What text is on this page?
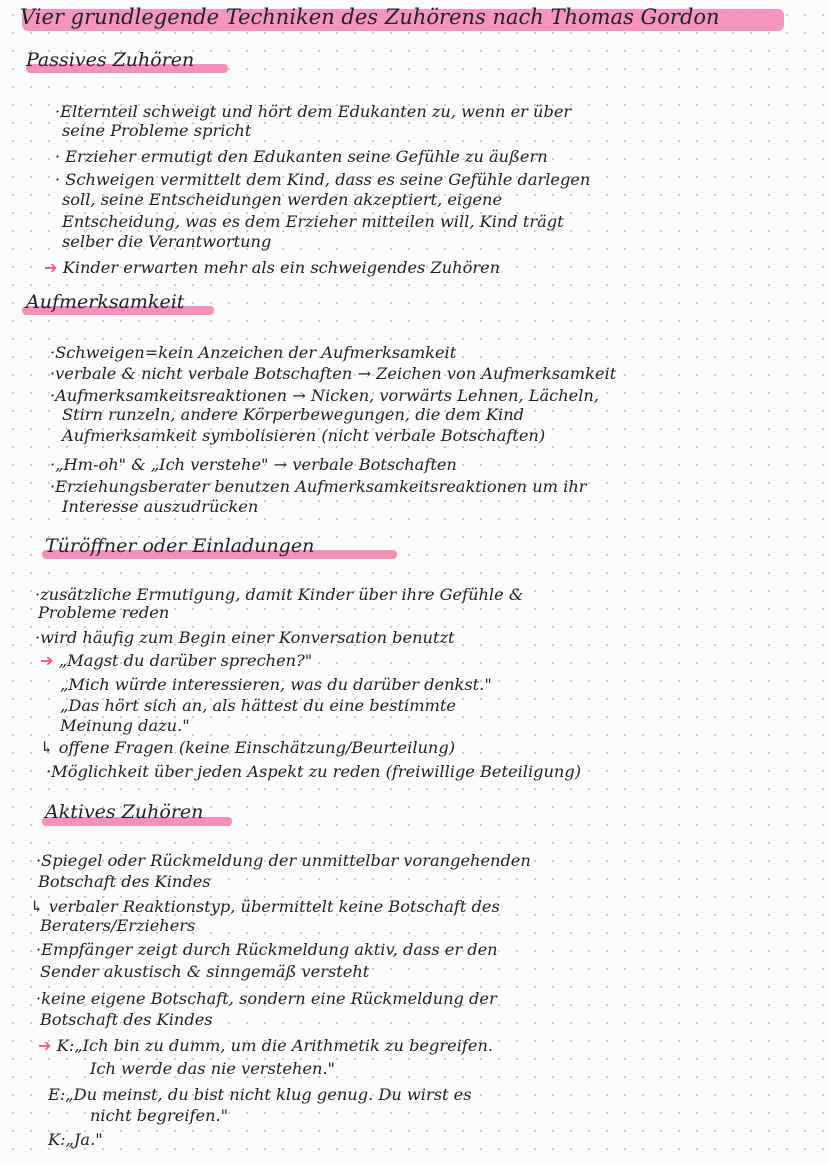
Vier grundlegende Techniken des Zuhörens nach Thomas Gordon
Passives Zuhören
·Elternteil schweigt und hört dem Edukanten zu, wenn er über
seine Probleme spricht
· Erzieher ermutigt den Edukanten seine Gefühle zu äußern
· Schweigen vermittelt dem Kind, dass es seine Gefühle darlegen
soll, seine Entscheidungen werden akzeptiert, eigene
Entscheidung, was es dem Erzieher mitteilen will, Kind trägt
selber die Verantwortung
➔ Kinder erwarten mehr als ein schweigendes Zuhören
Aufmerksamkeit
·Schweigen=kein Anzeichen der Aufmerksamkeit
·verbale & nicht verbale Botschaften → Zeichen von Aufmerksamkeit
·Aufmerksamkeitsreaktionen → Nicken, vorwärts Lehnen, Lächeln,
Stirn runzeln, andere Körperbewegungen, die dem Kind
Aufmerksamkeit symbolisieren (nicht verbale Botschaften)
·„Hm-oh" & „Ich verstehe" → verbale Botschaften
·Erziehungsberater benutzen Aufmerksamkeitsreaktionen um ihr
Interesse auszudrücken
Türöffner oder Einladungen
·zusätzliche Ermutigung, damit Kinder über ihre Gefühle &
Probleme reden
·wird häufig zum Begin einer Konversation benutzt
➔ „Magst du darüber sprechen?"
„Mich würde interessieren, was du darüber denkst."
„Das hört sich an, als hättest du eine bestimmte
Meinung dazu."
↳ offene Fragen (keine Einschätzung/Beurteilung)
·Möglichkeit über jeden Aspekt zu reden (freiwillige Beteiligung)
Aktives Zuhören
·Spiegel oder Rückmeldung der unmittelbar vorangehenden
Botschaft des Kindes
↳ verbaler Reaktionstyp, übermittelt keine Botschaft des
Beraters/Erziehers
·Empfänger zeigt durch Rückmeldung aktiv, dass er den
Sender akustisch & sinngemäß versteht
·keine eigene Botschaft, sondern eine Rückmeldung der
Botschaft des Kindes
➔ K:„Ich bin zu dumm, um die Arithmetik zu begreifen.
Ich werde das nie verstehen."
E:„Du meinst, du bist nicht klug genug. Du wirst es
nicht begreifen."
K:„Ja."
